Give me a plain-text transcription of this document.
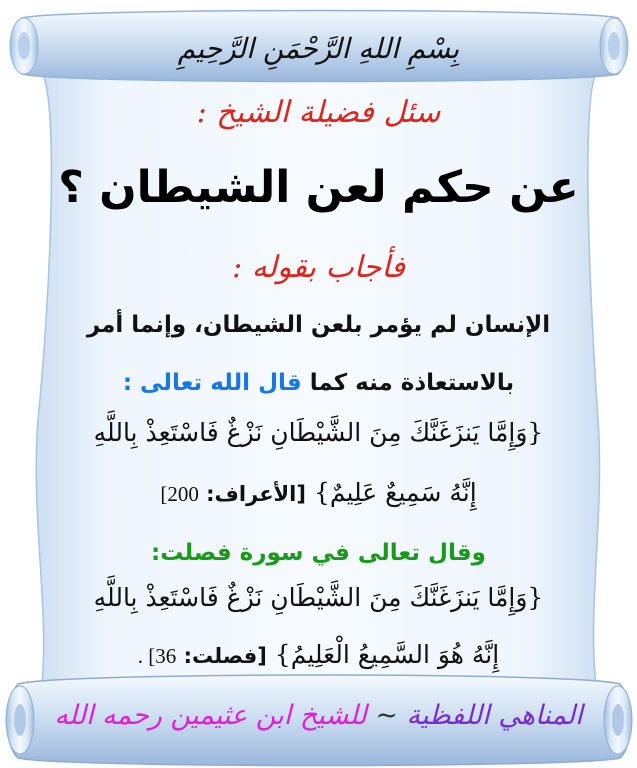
بِسْمِ اللهِ الرَّحْمَنِ الرَّحِيمِ
سئل فضيلة الشيخ :
عن حكم لعن الشيطان ؟
فأجاب بقوله :
الإنسان لم يؤمر بلعن الشيطان، وإنما أمر
بالاستعاذة منه كما قال الله تعالى :
{وَإِمَّا يَنزَغَنَّكَ مِنَ الشَّيْطَانِ نَزْغٌ فَاسْتَعِذْ بِاللَّهِ
إِنَّهُ سَمِيعٌ عَلِيمٌ} [الأعراف: 200]
وقال تعالى في سورة فصلت:
{وَإِمَّا يَنزَغَنَّكَ مِنَ الشَّيْطَانِ نَزْغٌ فَاسْتَعِذْ بِاللَّهِ
إِنَّهُ هُوَ السَّمِيعُ الْعَلِيمُ} [فصلت: 36] .
المناهي اللفظية ~ للشيخ ابن عثيمين رحمه الله
